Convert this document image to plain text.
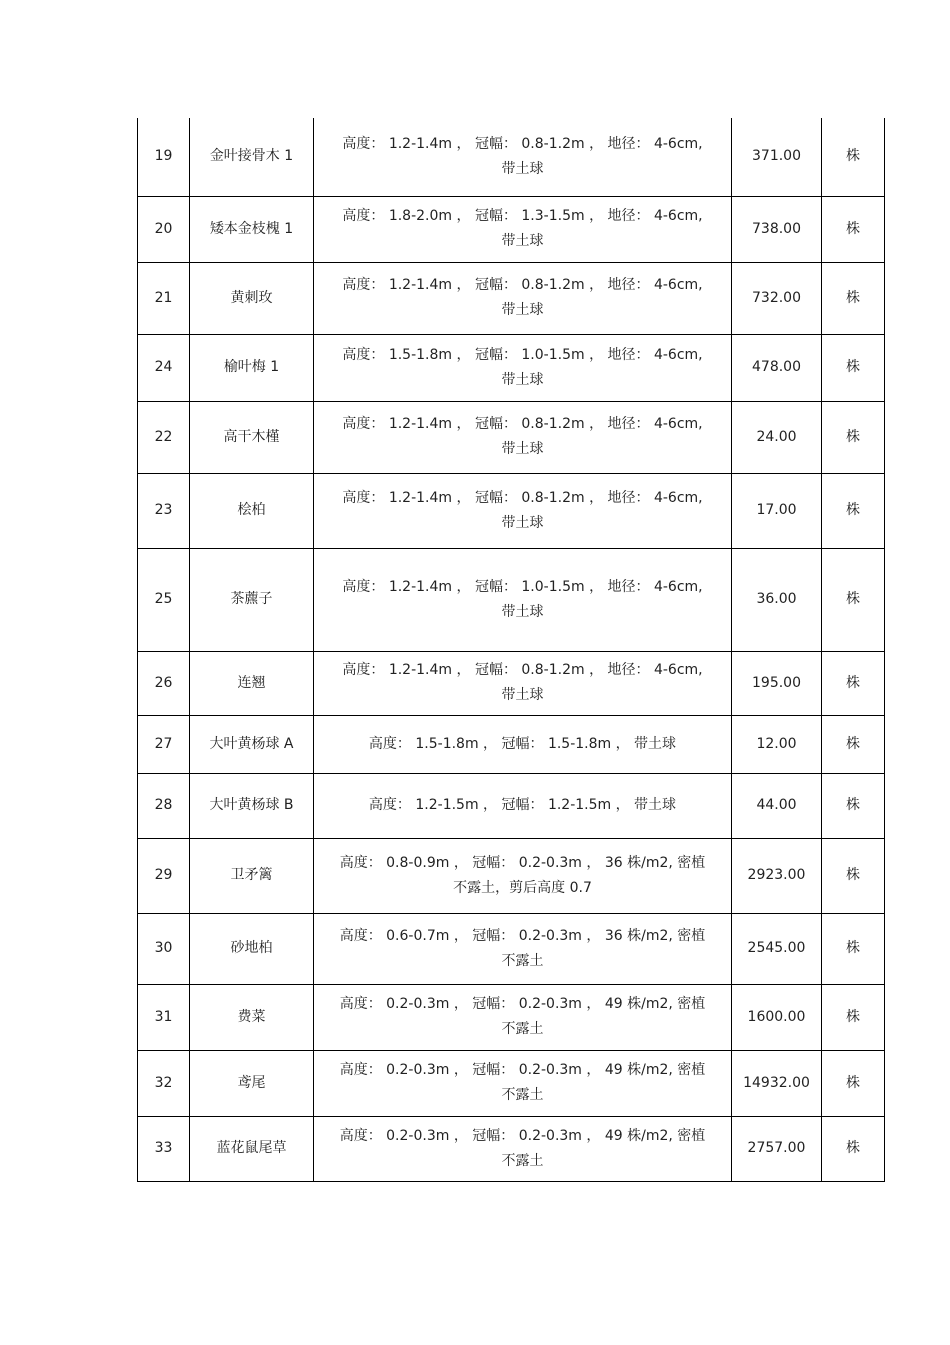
19	金叶接骨木 1	高度： 1.2-1.4m ， 冠幅： 0.8-1.2m ， 地径： 4-6cm,
带土球	371.00	株
20	矮本金枝槐 1	高度： 1.8-2.0m ， 冠幅： 1.3-1.5m ， 地径： 4-6cm,
带土球	738.00	株
21	黄刺玫	高度： 1.2-1.4m ， 冠幅： 0.8-1.2m ， 地径： 4-6cm,
带土球	732.00	株
24	榆叶梅 1	高度： 1.5-1.8m ， 冠幅： 1.0-1.5m ， 地径： 4-6cm,
带土球	478.00	株
22	高干木槿	高度： 1.2-1.4m ， 冠幅： 0.8-1.2m ， 地径： 4-6cm,
带土球	24.00	株
23	桧柏	高度： 1.2-1.4m ， 冠幅： 0.8-1.2m ， 地径： 4-6cm,
带土球	17.00	株
25	茶藨子	高度： 1.2-1.4m ， 冠幅： 1.0-1.5m ， 地径： 4-6cm,
带土球	36.00	株
26	连翘	高度： 1.2-1.4m ， 冠幅： 0.8-1.2m ， 地径： 4-6cm,
带土球	195.00	株
27	大叶黄杨球 A	高度： 1.5-1.8m ， 冠幅： 1.5-1.8m ， 带土球	12.00	株
28	大叶黄杨球 B	高度： 1.2-1.5m ， 冠幅： 1.2-1.5m ， 带土球	44.00	株
29	卫矛篱	高度： 0.8-0.9m ， 冠幅： 0.2-0.3m ， 36 株/m2, 密植
不露土，剪后高度 0.7	2923.00	株
30	砂地柏	高度： 0.6-0.7m ， 冠幅： 0.2-0.3m ， 36 株/m2, 密植
不露土	2545.00	株
31	费菜	高度： 0.2-0.3m ， 冠幅： 0.2-0.3m ， 49 株/m2, 密植
不露土	1600.00	株
32	鸢尾	高度： 0.2-0.3m ， 冠幅： 0.2-0.3m ， 49 株/m2, 密植
不露土	14932.00	株
33	蓝花鼠尾草	高度： 0.2-0.3m ， 冠幅： 0.2-0.3m ， 49 株/m2, 密植
不露土	2757.00	株
